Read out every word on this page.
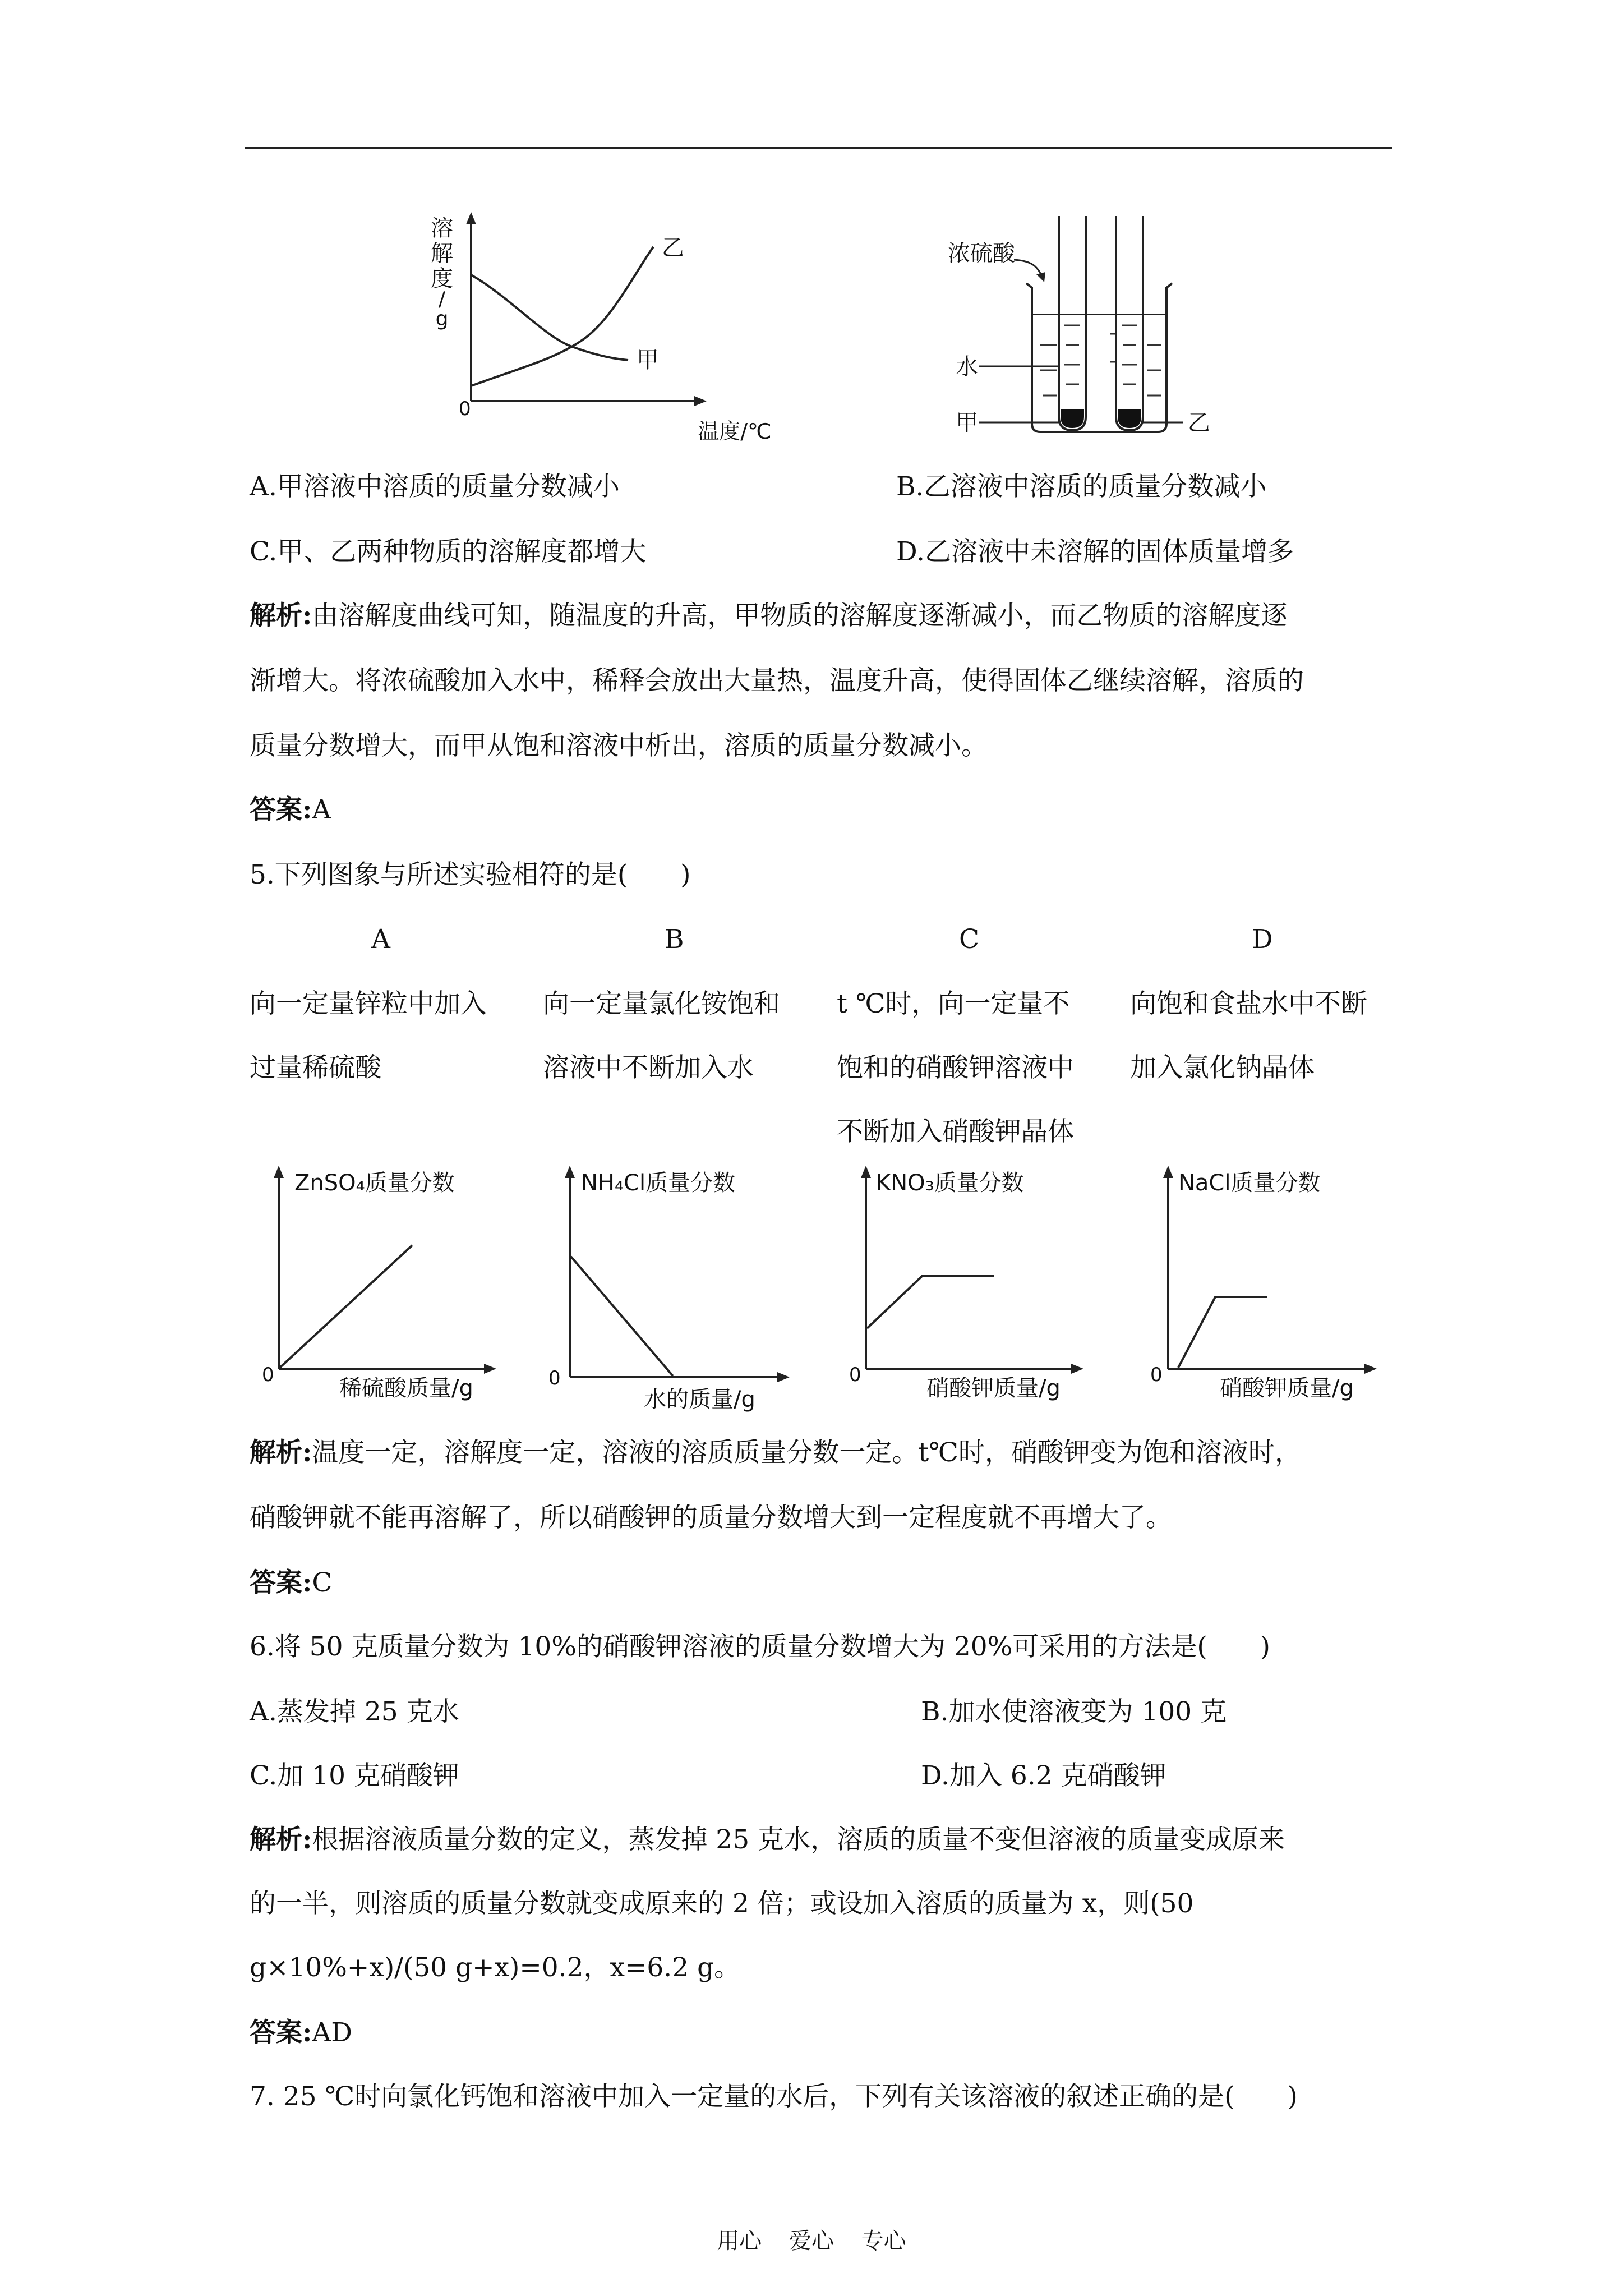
溶
解
度
/
g
0
温度/℃
乙
甲
浓硫酸
水
甲	乙
A.甲溶液中溶质的质量分数减小	B.乙溶液中溶质的质量分数减小
C.甲、乙两种物质的溶解度都增大	D.乙溶液中未溶解的固体质量增多
解析:由溶解度曲线可知，随温度的升高，甲物质的溶解度逐渐减小，而乙物质的溶解度逐
渐增大。将浓硫酸加入水中，稀释会放出大量热，温度升高，使得固体乙继续溶解，溶质的
质量分数增大，而甲从饱和溶液中析出，溶质的质量分数减小。
答案:A
5.下列图象与所述实验相符的是(　　)
A	B	C	D
向一定量锌粒中加入
过量稀硫酸
向一定量氯化铵饱和
溶液中不断加入水
t ℃时，向一定量不
饱和的硝酸钾溶液中
不断加入硝酸钾晶体
向饱和食盐水中不断
加入氯化钠晶体
ZnSO₄质量分数
0
稀硫酸质量/g
NH₄Cl质量分数
0
水的质量/g
KNO₃质量分数
0
硝酸钾质量/g
NaCl质量分数
0
硝酸钾质量/g
解析:温度一定，溶解度一定，溶液的溶质质量分数一定。t℃时，硝酸钾变为饱和溶液时，
硝酸钾就不能再溶解了，所以硝酸钾的质量分数增大到一定程度就不再增大了。
答案:C
6.将 50 克质量分数为 10%的硝酸钾溶液的质量分数增大为 20%可采用的方法是(　　)
A.蒸发掉 25 克水	B.加水使溶液变为 100 克
C.加 10 克硝酸钾	D.加入 6.2 克硝酸钾
解析:根据溶液质量分数的定义，蒸发掉 25 克水，溶质的质量不变但溶液的质量变成原来
的一半，则溶质的质量分数就变成原来的 2 倍；或设加入溶质的质量为 x，则(50
g×10%+x)/(50 g+x)=0.2，x=6.2 g。
答案:AD
7. 25 ℃时向氯化钙饱和溶液中加入一定量的水后，下列有关该溶液的叙述正确的是(　　)
用心 爱心 专心
